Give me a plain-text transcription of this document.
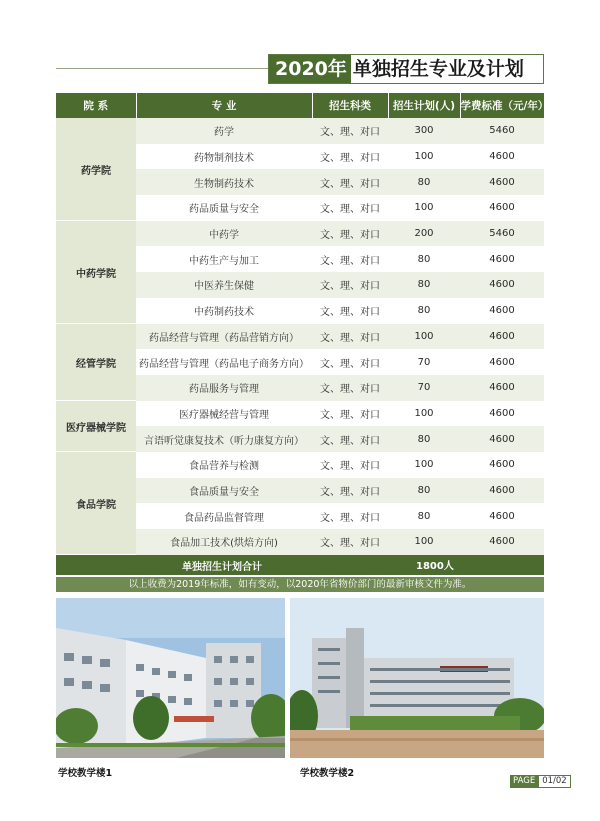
2020年 单独招生专业及计划
院 系	专 业	招生科类	招生计划(人)	学费标准（元/年）
药学院	药学	文、理、对口	300	5460
	药物制剂技术	文、理、对口	100	4600
	生物制药技术	文、理、对口	80	4600
	药品质量与安全	文、理、对口	100	4600
中药学院	中药学	文、理、对口	200	5460
	中药生产与加工	文、理、对口	80	4600
	中医养生保健	文、理、对口	80	4600
	中药制药技术	文、理、对口	80	4600
经管学院	药品经营与管理（药品营销方向）	文、理、对口	100	4600
	药品经营与管理（药品电子商务方向）	文、理、对口	70	4600
	药品服务与管理	文、理、对口	70	4600
医疗器械学院	医疗器械经营与管理	文、理、对口	100	4600
	言语听觉康复技术（听力康复方向）	文、理、对口	80	4600
食品学院	食品营养与检测	文、理、对口	100	4600
	食品质量与安全	文、理、对口	80	4600
	食品药品监督管理	文、理、对口	80	4600
	食品加工技术(烘焙方向)	文、理、对口	100	4600
单独招生计划合计			1800人	
以上收费为2019年标准，如有变动，以2020年省物价部门的最新审核文件为准。
学校教学楼1	学校教学楼2
PAGE 01/02
